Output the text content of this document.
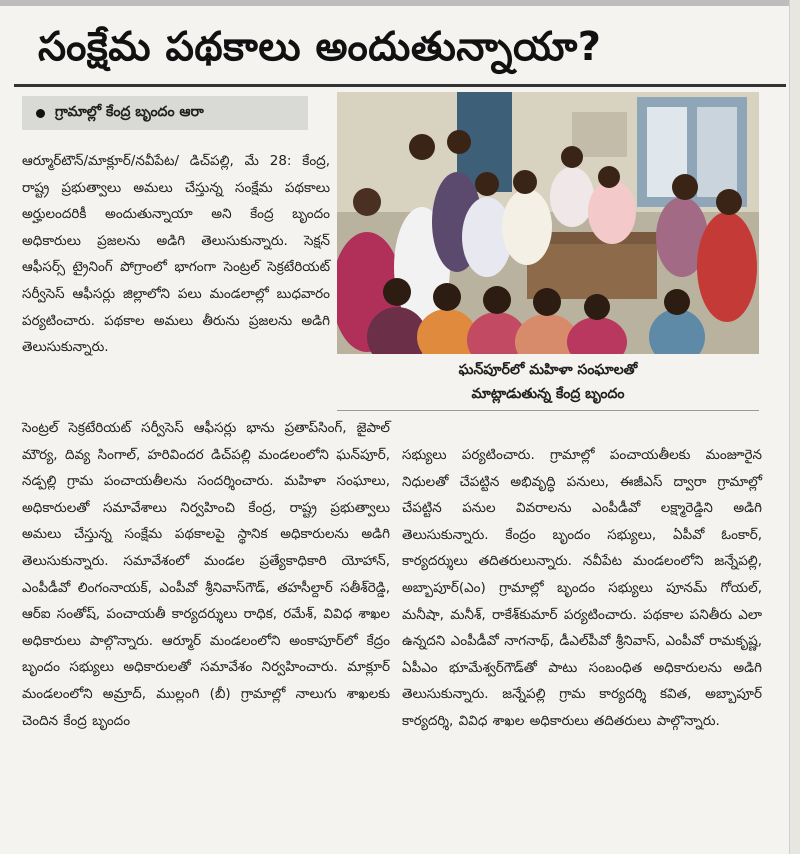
సంక్షేమ పథకాలు అందుతున్నాయా?
గ్రామాల్లో కేంద్ర బృందం ఆరా

ఆర్మూర్‌టౌన్‌/మాక్లూర్‌/నవీపేట/ డిచ్‌పల్లి, మే 28: కేంద్ర, రాష్ట్ర ప్రభుత్వాలు అమలు చేస్తున్న సంక్షేమ పథకాలు అర్హులందరికీ అందుతున్నాయా అని కేంద్ర బృందం అధికారులు ప్రజలను అడిగి తెలుసుకున్నారు. సెక్షన్‌ ఆఫీసర్స్‌ ట్రైనింగ్‌ పోగ్రాంలో భాగంగా సెంట్రల్‌ సెక్రటేరియట్‌ సర్వీసెస్‌ ఆఫీసర్లు జిల్లాలోని పలు మండలాల్లో బుధవారం పర్యటించారు. పథకాల అమలు తీరును ప్రజలను అడిగి తెలుసుకున్నారు.

ఘన్‌పూర్‌లో మహిళా సంఘాలతో
మాట్లాడుతున్న కేంద్ర బృందం

సెంట్రల్‌ సెక్రటేరియట్‌ సర్వీసెస్‌ ఆఫీసర్లు భాను ప్రతాప్‌సింగ్‌, జైపాల్‌ మౌర్య, దివ్య సింగాల్‌, హరివిందర డిచ్‌పల్లి మండలంలోని ఘన్‌పూర్‌, నడ్పల్లి గ్రామ పంచాయతీలను సందర్శించారు. మహిళా సంఘాలు, అధికారులతో సమావేశాలు నిర్వహించి కేంద్ర, రాష్ట్ర ప్రభుత్వాలు అమలు చేస్తున్న సంక్షేమ పథకాలపై స్థానిక అధికారులను అడిగి తెలుసుకున్నారు. సమావేశంలో మండల ప్రత్యేకాధికారి యోహాన్‌, ఎంపీడీవో లింగంనాయక్‌, ఎంపీవో శ్రీనివాస్‌గౌడ్‌, తహసీల్దార్‌ సతీశ్‌రెడ్డి, ఆర్‌ఐ సంతోష్‌, పంచాయతీ కార్యదర్శులు రాధిక, రమేశ్‌, వివిధ శాఖల అధికారులు పాల్గొన్నారు. ఆర్మూర్‌ మండలంలోని అంకాపూర్‌లో కేద్రం బృందం సభ్యులు అధికారులతో సమావేశం నిర్వహించారు. మాక్లూర్‌ మండలంలోని అమ్రాద్‌, ముల్లంగి (బీ) గ్రామాల్లో నాలుగు శాఖలకు చెందిన కేంద్ర బృందం

సభ్యులు పర్యటించారు. గ్రామాల్లో పంచాయతీలకు మంజూరైన నిధులతో చేపట్టిన అభివృద్ధి పనులు, ఈజీఎస్‌ ద్వారా గ్రామాల్లో చేపట్టిన పనుల వివరాలను ఎంపీడీవో లక్ష్మారెడ్డిని అడిగి తెలుసుకున్నారు. కేంద్రం బృందం సభ్యులు, ఏపీవో ఓంకార్‌, కార్యదర్శులు తదితరులున్నారు. నవీపేట మండలంలోని జన్నేపల్లి, అబ్బాపూర్‌(ఎం) గ్రామాల్లో బృందం సభ్యులు పూనమ్‌ గోయల్‌, మనీషా, మనీశ్‌, రాకేశ్‌కుమార్‌ పర్యటించారు. పథకాల పనితీరు ఎలా ఉన్నదని ఎంపీడీవో నాగనాథ్‌, డీఎల్‌పీవో శ్రీనివాస్‌, ఎంపీవో రామకృష్ణ, ఏపీఎం భూమేశ్వర్‌గౌడ్‌తో పాటు సంబంధిత అధికారులను అడిగి తెలుసుకున్నారు. జన్నేపల్లి గ్రామ కార్యదర్శి కవిత, అబ్బాపూర్‌ కార్యదర్శి, వివిధ శాఖల అధికారులు తదితరులు పాల్గొన్నారు.
